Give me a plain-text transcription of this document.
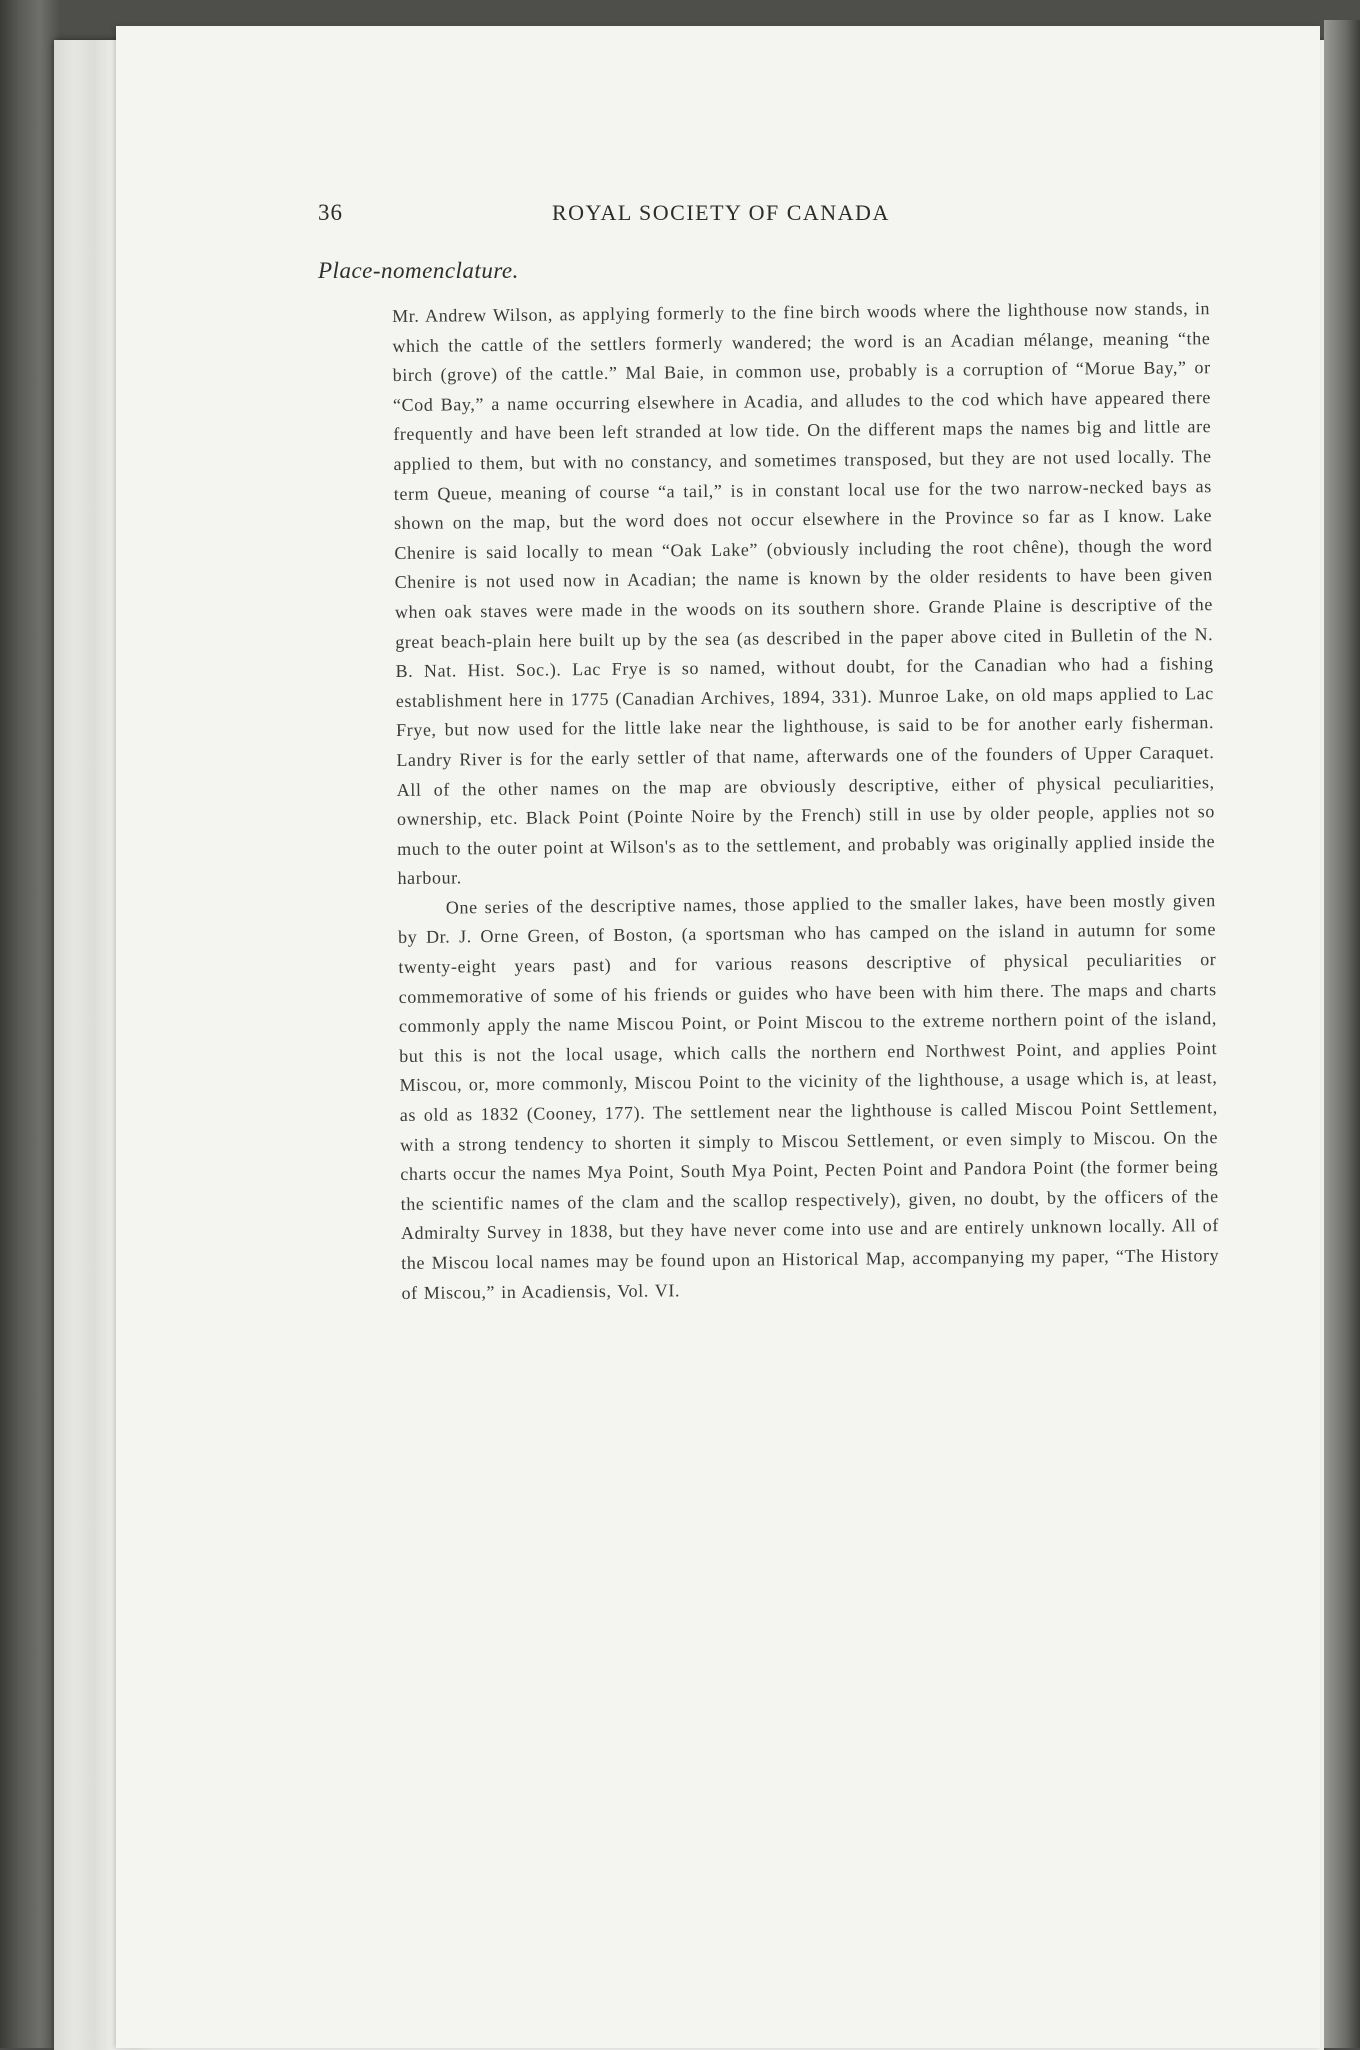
36	ROYAL SOCIETY OF CANADA
Place-nomenclature.

Mr. Andrew Wilson, as applying formerly to the fine birch woods where the lighthouse now stands, in which the cattle of the settlers formerly wandered; the word is an Acadian mélange, meaning “the birch (grove) of the cattle.” Mal Baie, in common use, probably is a corruption of “Morue Bay,” or “Cod Bay,” a name occurring elsewhere in Acadia, and alludes to the cod which have appeared there frequently and have been left stranded at low tide. On the different maps the names big and little are applied to them, but with no constancy, and sometimes transposed, but they are not used locally. The term Queue, meaning of course “a tail,” is in constant local use for the two narrow-necked bays as shown on the map, but the word does not occur elsewhere in the Province so far as I know. Lake Chenire is said locally to mean “Oak Lake” (obviously including the root chêne), though the word Chenire is not used now in Acadian; the name is known by the older residents to have been given when oak staves were made in the woods on its southern shore. Grande Plaine is descriptive of the great beach-plain here built up by the sea (as described in the paper above cited in Bulletin of the N. B. Nat. Hist. Soc.). Lac Frye is so named, without doubt, for the Canadian who had a fishing establishment here in 1775 (Canadian Archives, 1894, 331). Munroe Lake, on old maps applied to Lac Frye, but now used for the little lake near the lighthouse, is said to be for another early fisherman. Landry River is for the early settler of that name, afterwards one of the founders of Upper Caraquet. All of the other names on the map are obviously descriptive, either of physical peculiarities, ownership, etc. Black Point (Pointe Noire by the French) still in use by older people, applies not so much to the outer point at Wilson's as to the settlement, and probably was originally applied inside the harbour.

One series of the descriptive names, those applied to the smaller lakes, have been mostly given by Dr. J. Orne Green, of Boston, (a sportsman who has camped on the island in autumn for some twenty-eight years past) and for various reasons descriptive of physical peculiarities or commemorative of some of his friends or guides who have been with him there. The maps and charts commonly apply the name Miscou Point, or Point Miscou to the extreme northern point of the island, but this is not the local usage, which calls the northern end Northwest Point, and applies Point Miscou, or, more commonly, Miscou Point to the vicinity of the lighthouse, a usage which is, at least, as old as 1832 (Cooney, 177). The settlement near the lighthouse is called Miscou Point Settlement, with a strong tendency to shorten it simply to Miscou Settlement, or even simply to Miscou. On the charts occur the names Mya Point, South Mya Point, Pecten Point and Pandora Point (the former being the scientific names of the clam and the scallop respectively), given, no doubt, by the officers of the Admiralty Survey in 1838, but they have never come into use and are entirely unknown locally. All of the Miscou local names may be found upon an Historical Map, accompanying my paper, “The History of Miscou,” in Acadiensis, Vol. VI.
